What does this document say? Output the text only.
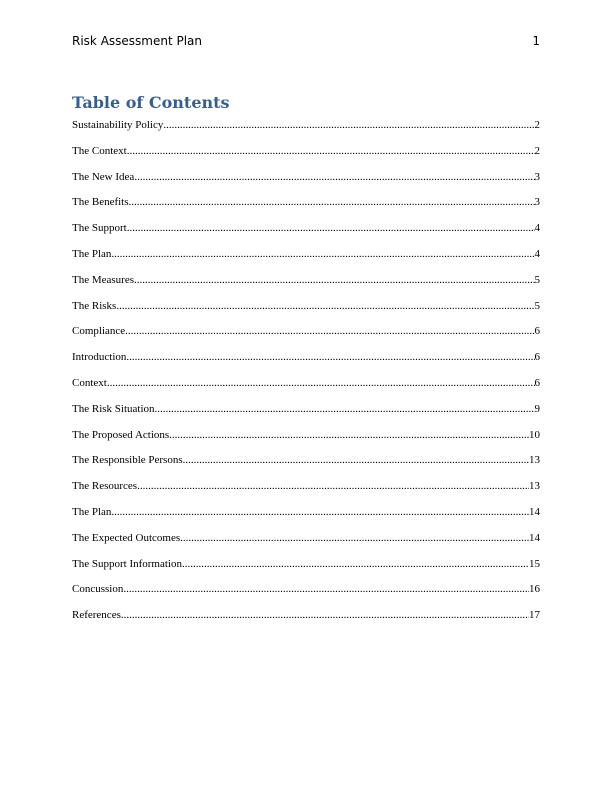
Risk Assessment Plan	1
Table of Contents
Sustainability Policy .....	2
The Context .....	2
The New Idea .....	3
The Benefits .....	3
The Support .....	4
The Plan .....	4
The Measures .....	5
The Risks .....	5
Compliance .....	6
Introduction .....	6
Context .....	6
The Risk Situation .....	9
The Proposed Actions .....	10
The Responsible Persons .....	13
The Resources .....	13
The Plan .....	14
The Expected Outcomes .....	14
The Support Information .....	15
Concussion .....	16
References .....	17
